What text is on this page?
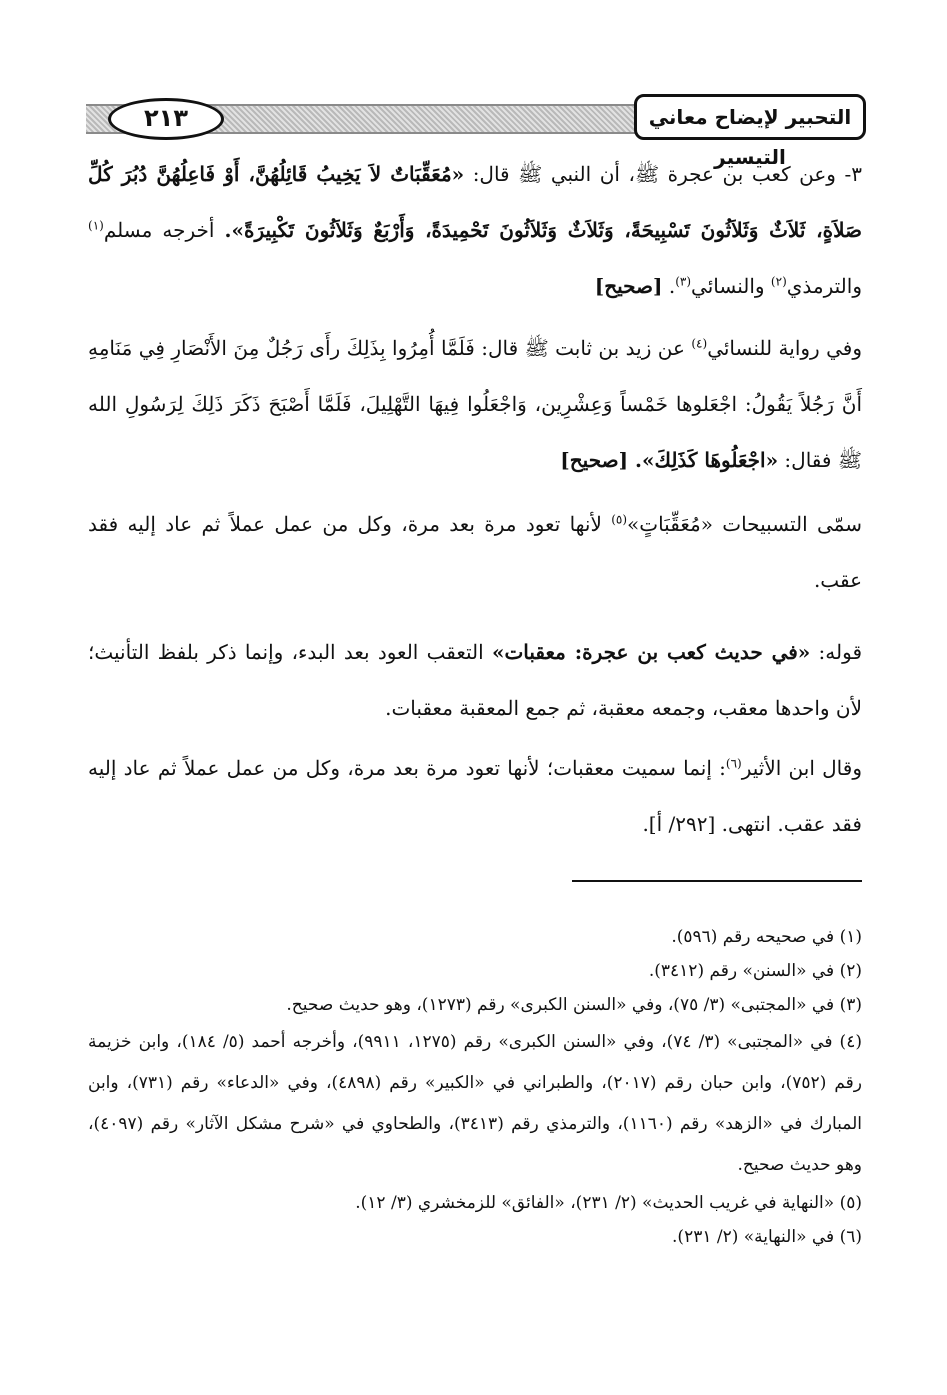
٢١٣	التحبير لإيضاح معاني التيسير

٣- وعن كعب بن عجرة ﷺ، أن النبي ﷺ قال: «مُعَقِّبَاتٌ لاَ يَخِيبُ قَائِلُهُنَّ، أَوْ فَاعِلُهُنَّ دُبُرَ كُلِّ صَلاَةٍ، ثَلاَثٌ وَثَلاَثُونَ تَسْبِيحَةً، وَثَلاَثٌ وَثَلاَثُونَ تَحْمِيدَةً، وَأَرْبَعٌ وَثَلاَثُونَ تَكْبِيرَةً». أخرجه مسلم$^{(١)}$ والترمذي$^{(٢)}$ والنسائي$^{(٣)}$. [صحيح]

وفي رواية للنسائي$^{(٤)}$ عن زيد بن ثابت ﷺ قال: فَلَمَّا أُمِرُوا بِذَلِكَ رأَى رَجُلٌ مِنَ الأَنْصَارِ فِي مَنَامِهِ أَنَّ رَجُلاً يَقُولُ: اجْعَلوها خَمْساً وَعِشْرِين، وَاجْعَلُوا فِيهَا التَّهْلِيلَ، فَلَمَّا أَصْبَحَ ذَكَرَ ذَلِكَ لِرَسُولِ الله ﷺ فقال: «اجْعَلُوهَا كَذَلِكَ». [صحيح]

سمّى التسبيحات «مُعَقِّبَاتٍ»$^{(٥)}$ لأنها تعود مرة بعد مرة، وكل من عمل عملاً ثم عاد إليه فقد عقب.

قوله: «في حديث كعب بن عجرة: معقبات» التعقب العود بعد البدء، وإنما ذكر بلفظ التأنيث؛ لأن واحدها معقب، وجمعه معقبة، ثم جمع المعقبة معقبات.

وقال ابن الأثير$^{(٦)}$: إنما سميت معقبات؛ لأنها تعود مرة بعد مرة، وكل من عمل عملاً ثم عاد إليه فقد عقب. انتهى. [٢٩٢/ أ].

(١) في صحيحه رقم (٥٩٦).

(٢) في «السنن» رقم (٣٤١٢).

(٣) في «المجتبى» (٣/ ٧٥)، وفي «السنن الكبرى» رقم (١٢٧٣)، وهو حديث صحيح.

(٤) في «المجتبى» (٣/ ٧٤)، وفي «السنن الكبرى» رقم (١٢٧٥، ٩٩١١)، وأخرجه أحمد (٥/ ١٨٤)، وابن خزيمة رقم (٧٥٢)، وابن حبان رقم (٢٠١٧)، والطبراني في «الكبير» رقم (٤٨٩٨)، وفي «الدعاء» رقم (٧٣١)، وابن المبارك في «الزهد» رقم (١١٦٠)، والترمذي رقم (٣٤١٣)، والطحاوي في «شرح مشكل الآثار» رقم (٤٠٩٧)، وهو حديث صحيح.

(٥) «النهاية في غريب الحديث» (٢/ ٢٣١)، «الفائق» للزمخشري (٣/ ١٢).

(٦) في «النهاية» (٢/ ٢٣١).
